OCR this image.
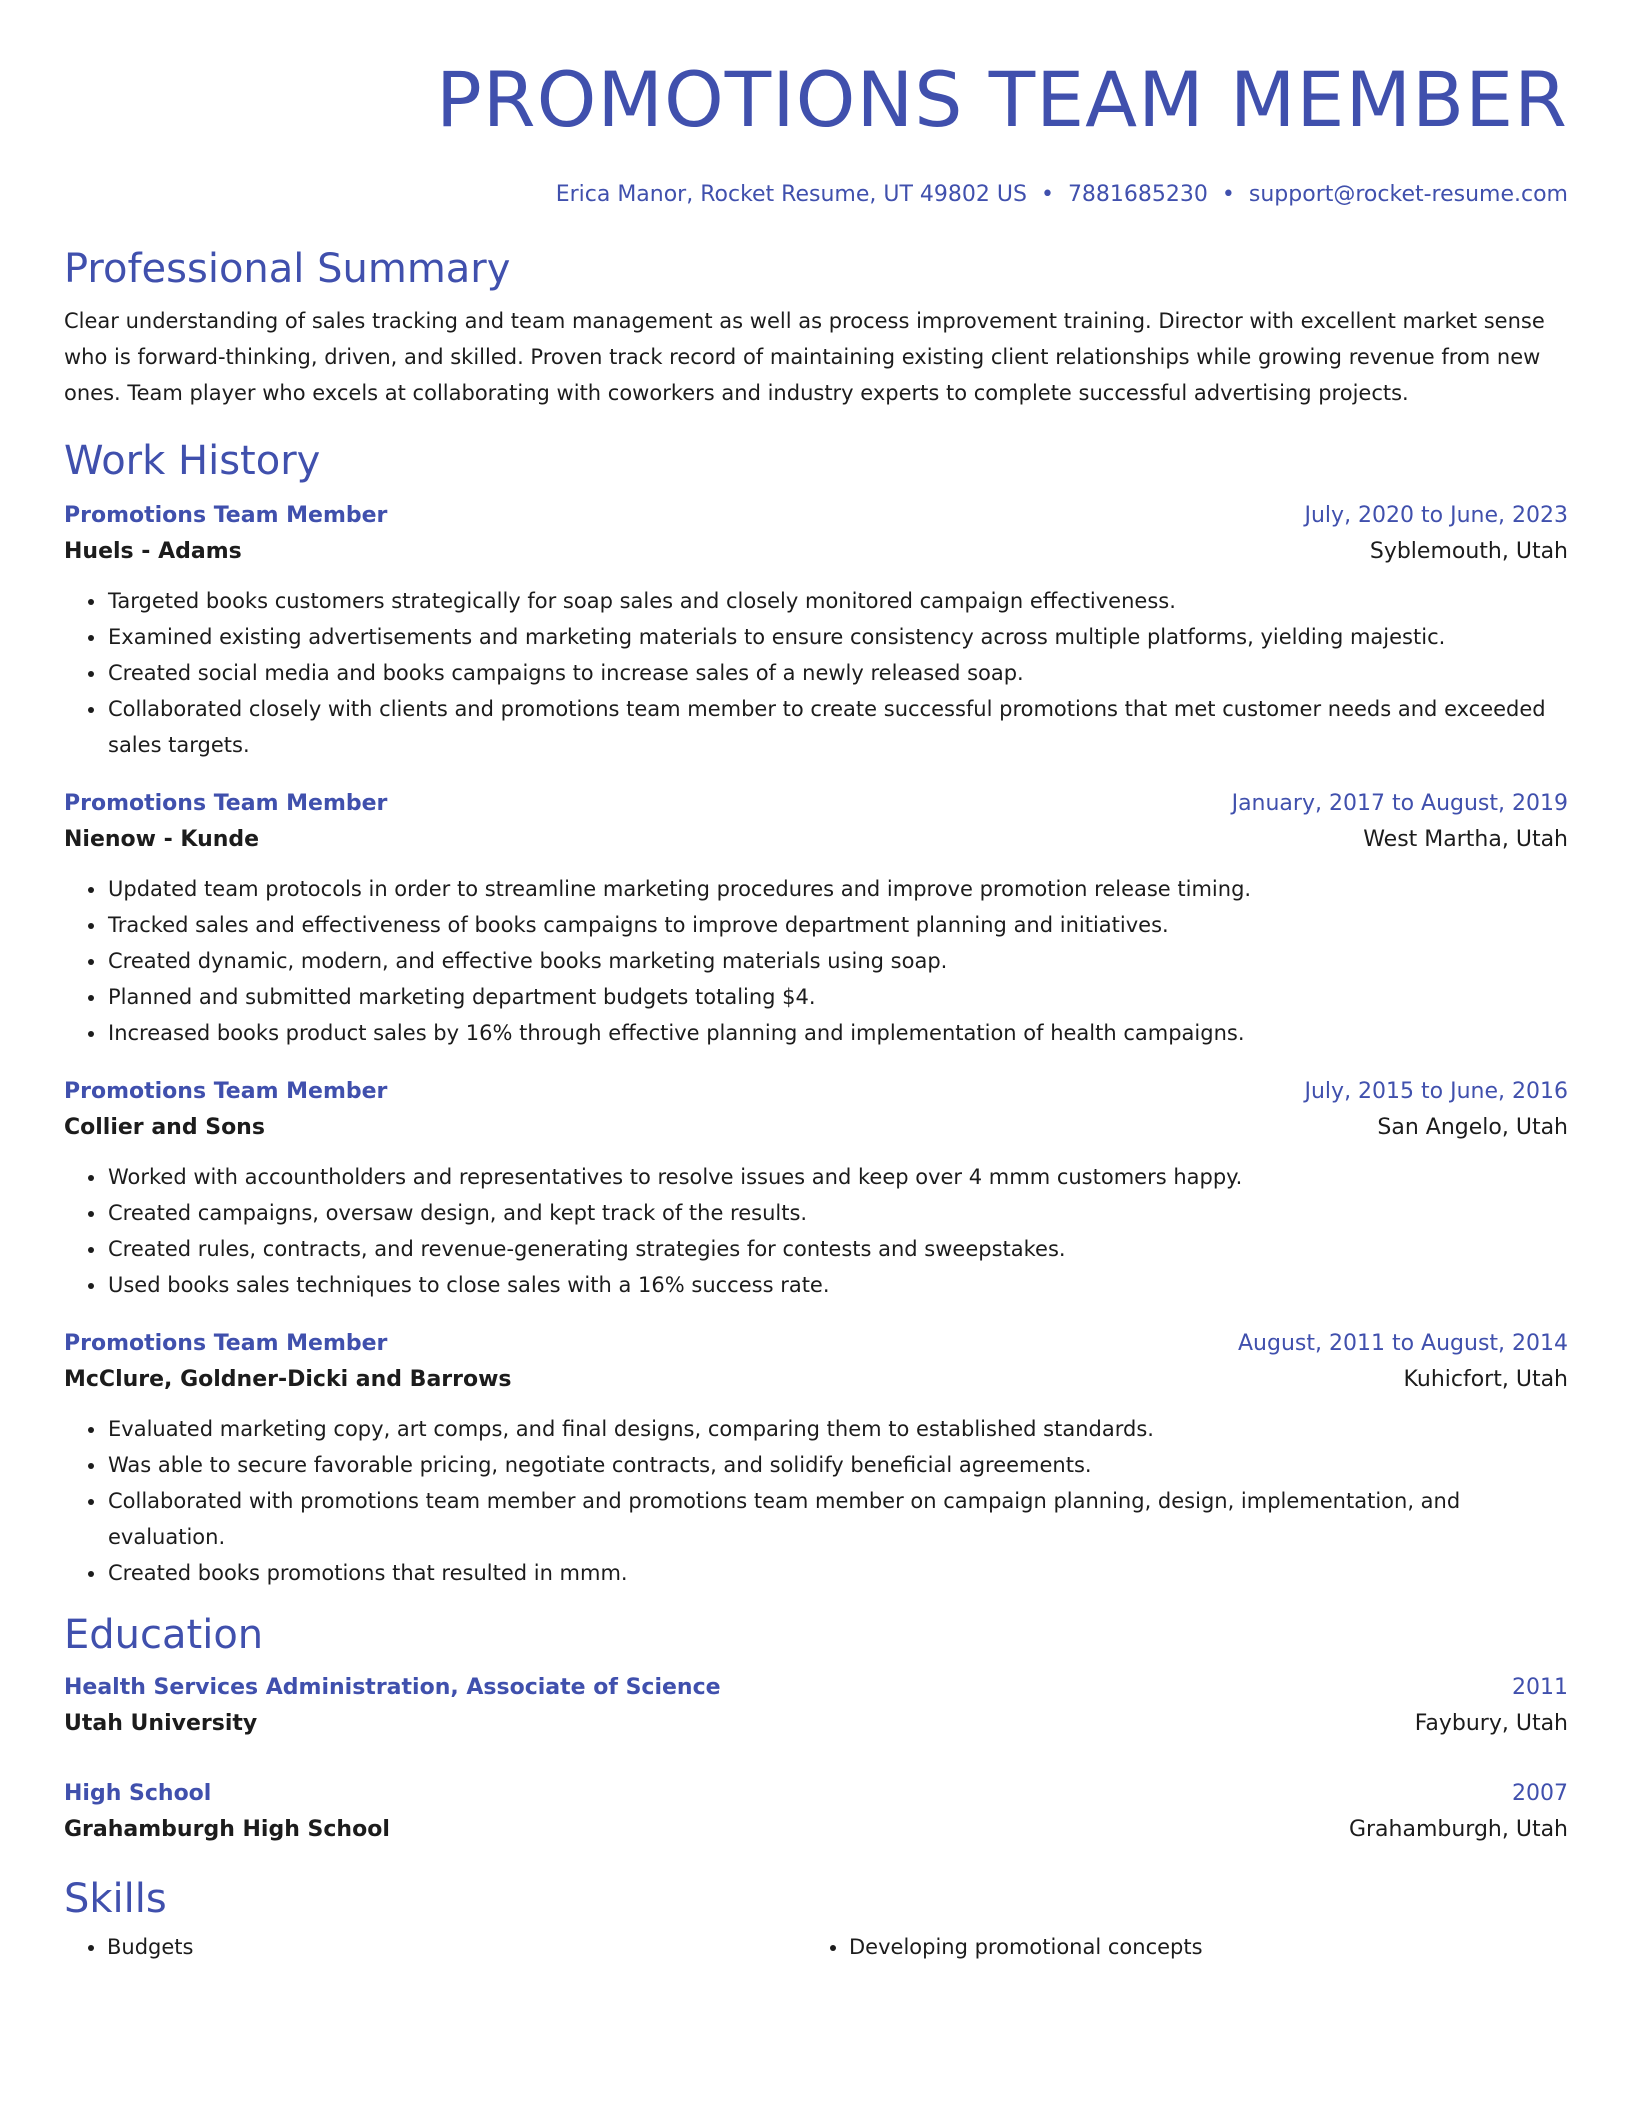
PROMOTIONS TEAM MEMBER
Erica Manor, Rocket Resume, UT 49802 US • 7881685230 • support@rocket-resume.com
Professional Summary
Clear understanding of sales tracking and team management as well as process improvement training. Director with excellent market sense who is forward-thinking, driven, and skilled. Proven track record of maintaining existing client relationships while growing revenue from new ones. Team player who excels at collaborating with coworkers and industry experts to complete successful advertising projects.
Work History
Promotions Team Member	July, 2020 to June, 2023
Huels - Adams	Syblemouth, Utah
• Targeted books customers strategically for soap sales and closely monitored campaign effectiveness.
• Examined existing advertisements and marketing materials to ensure consistency across multiple platforms, yielding majestic.
• Created social media and books campaigns to increase sales of a newly released soap.
• Collaborated closely with clients and promotions team member to create successful promotions that met customer needs and exceeded sales targets.
Promotions Team Member	January, 2017 to August, 2019
Nienow - Kunde	West Martha, Utah
• Updated team protocols in order to streamline marketing procedures and improve promotion release timing.
• Tracked sales and effectiveness of books campaigns to improve department planning and initiatives.
• Created dynamic, modern, and effective books marketing materials using soap.
• Planned and submitted marketing department budgets totaling $4.
• Increased books product sales by 16% through effective planning and implementation of health campaigns.
Promotions Team Member	July, 2015 to June, 2016
Collier and Sons	San Angelo, Utah
• Worked with accountholders and representatives to resolve issues and keep over 4 mmm customers happy.
• Created campaigns, oversaw design, and kept track of the results.
• Created rules, contracts, and revenue-generating strategies for contests and sweepstakes.
• Used books sales techniques to close sales with a 16% success rate.
Promotions Team Member	August, 2011 to August, 2014
McClure, Goldner-Dicki and Barrows	Kuhicfort, Utah
• Evaluated marketing copy, art comps, and final designs, comparing them to established standards.
• Was able to secure favorable pricing, negotiate contracts, and solidify beneficial agreements.
• Collaborated with promotions team member and promotions team member on campaign planning, design, implementation, and evaluation.
• Created books promotions that resulted in mmm.
Education
Health Services Administration, Associate of Science	2011
Utah University	Faybury, Utah
High School	2007
Grahamburgh High School	Grahamburgh, Utah
Skills
• Budgets
•	Developing promotional concepts
